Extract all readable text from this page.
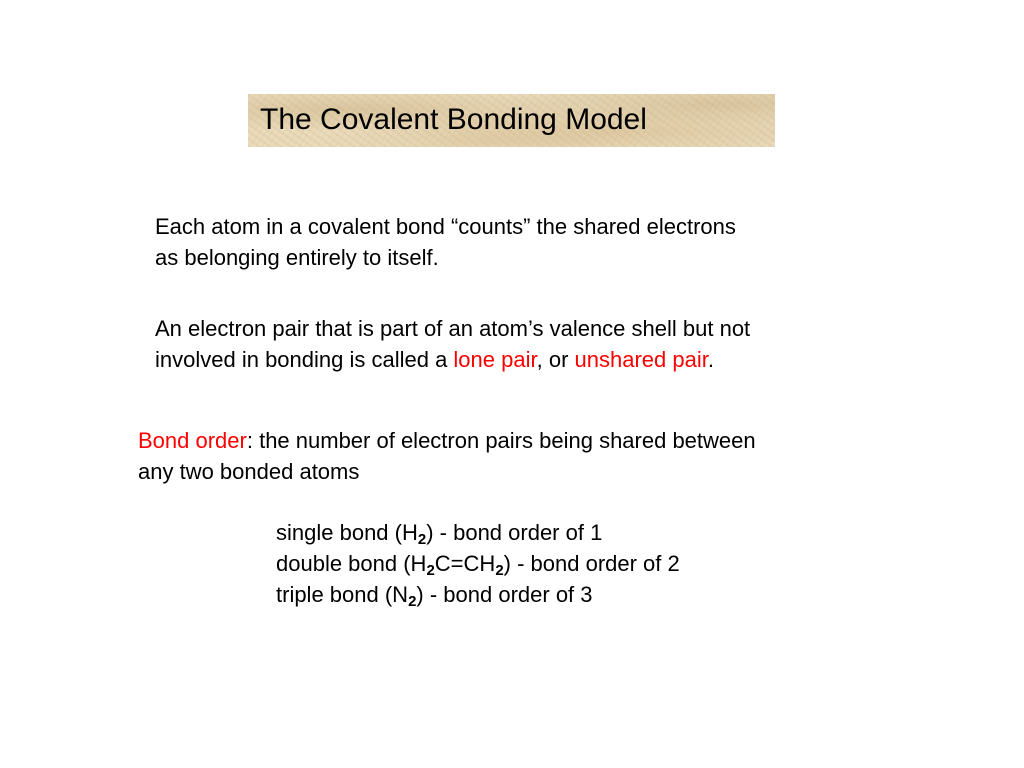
The Covalent Bonding Model

Each atom in a covalent bond “counts” the shared electrons
as belonging entirely to itself.

An electron pair that is part of an atom’s valence shell but not
involved in bonding is called a lone pair, or unshared pair.

Bond order: the number of electron pairs being shared between
any two bonded atoms

single bond $(H_2)$ - bond order of 1
double bond $(H_2C=CH_2)$ - bond order of 2
triple bond $(N_2)$ - bond order of 3
